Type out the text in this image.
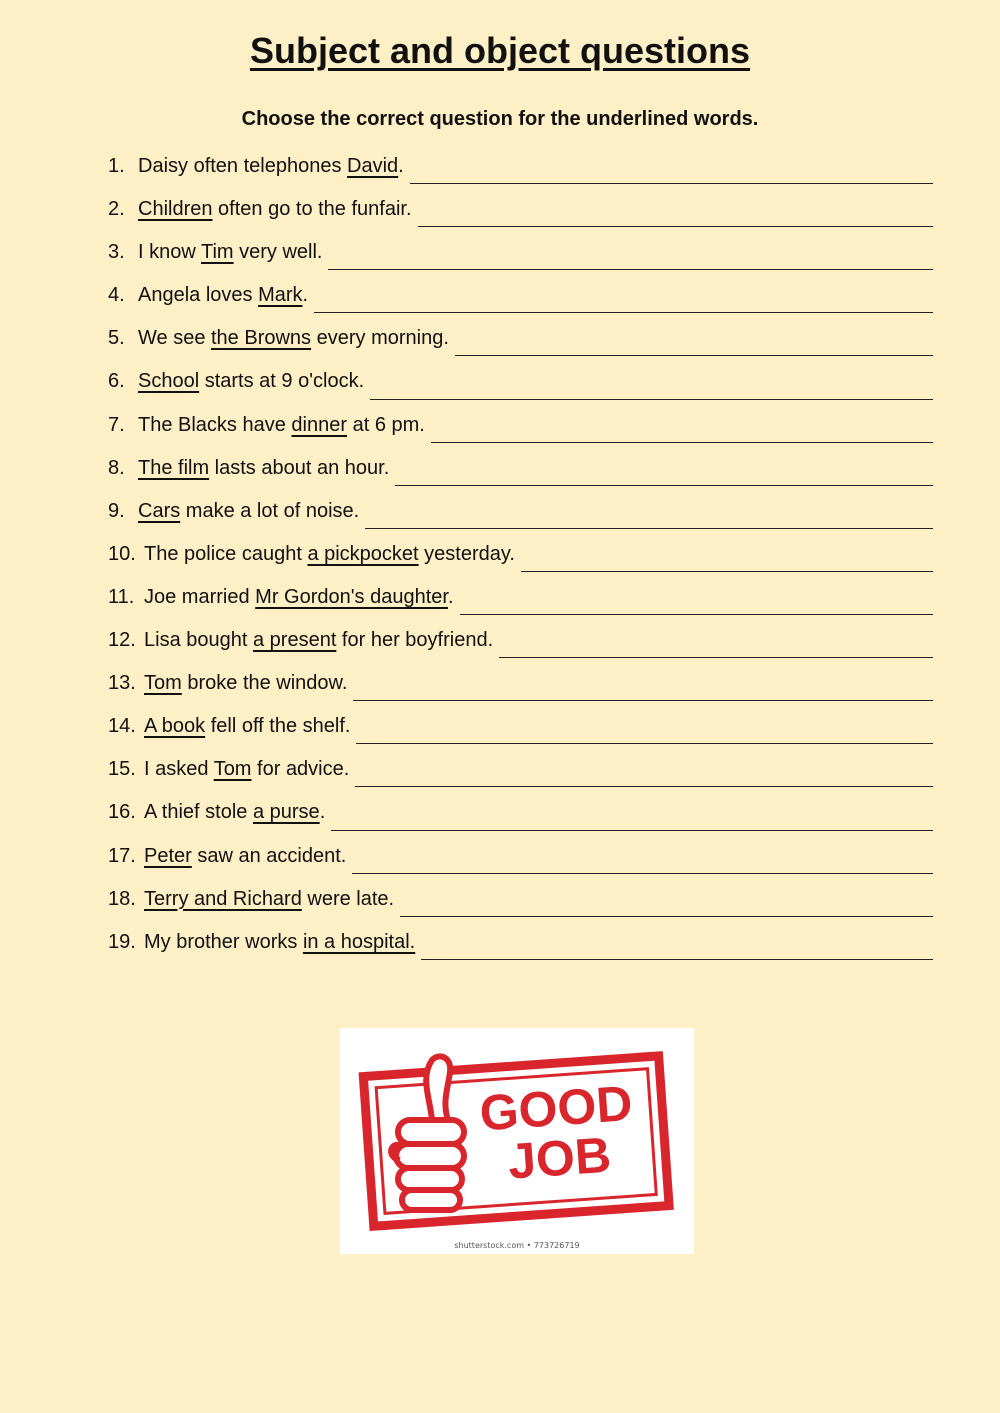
Subject and object questions
Choose the correct question for the underlined words.
1. Daisy often telephones David.
2. Children often go to the funfair.
3. I know Tim very well.
4. Angela loves Mark.
5. We see the Browns every morning.
6. School starts at 9 o'clock.
7. The Blacks have dinner at 6 pm.
8. The film lasts about an hour.
9. Cars make a lot of noise.
10. The police caught a pickpocket yesterday.
11. Joe married Mr Gordon's daughter.
12. Lisa bought a present for her boyfriend.
13. Tom broke the window.
14. A book fell off the shelf.
15. I asked Tom for advice.
16. A thief stole a purse.
17. Peter saw an accident.
18. Terry and Richard were late.
19. My brother works in a hospital.
GOOD
JOB
shutterstock.com • 773726719
